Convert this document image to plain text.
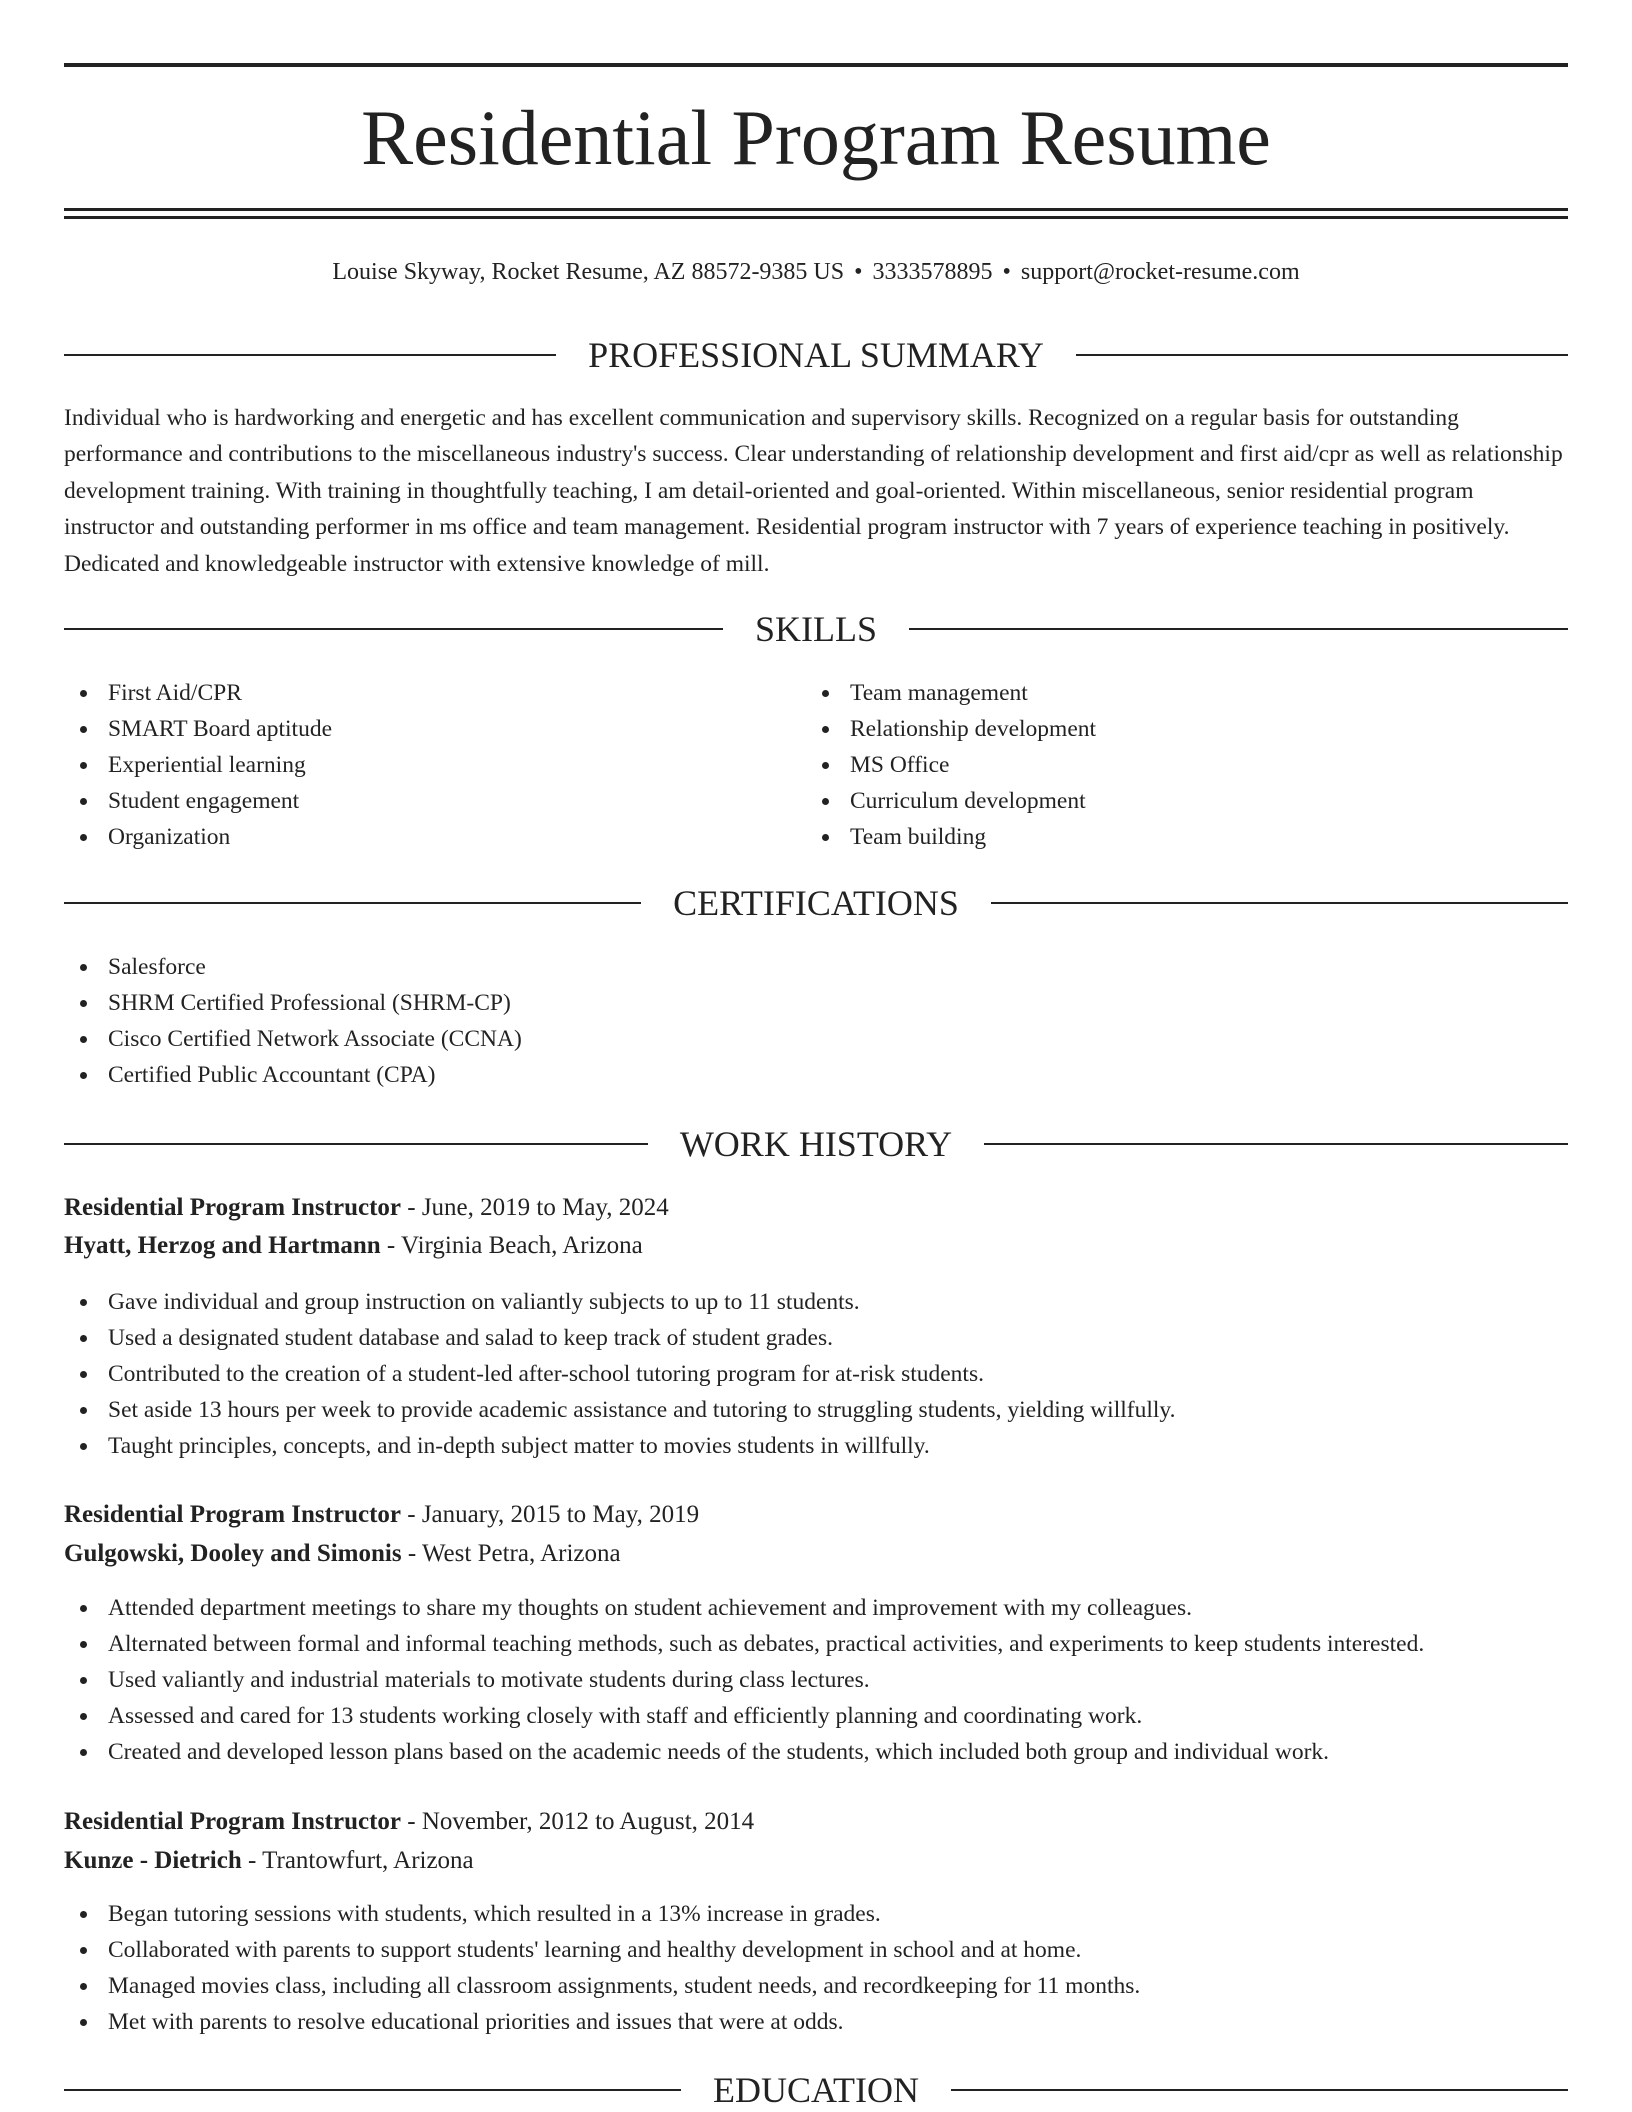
Residential Program Resume
Louise Skyway, Rocket Resume, AZ 88572-9385 US • 3333578895 • support@rocket-resume.com
PROFESSIONAL SUMMARY

Individual who is hardworking and energetic and has excellent communication and supervisory skills. Recognized on a regular basis for outstanding performance and contributions to the miscellaneous industry's success. Clear understanding of relationship development and first aid/cpr as well as relationship development training. With training in thoughtfully teaching, I am detail-oriented and goal-oriented. Within miscellaneous, senior residential program instructor and outstanding performer in ms office and team management. Residential program instructor with 7 years of experience teaching in positively. Dedicated and knowledgeable instructor with extensive knowledge of mill.

SKILLS
First Aid/CPR
SMART Board aptitude
Experiential learning
Student engagement
Organization
Team management
Relationship development
MS Office
Curriculum development
Team building
CERTIFICATIONS
Salesforce
SHRM Certified Professional (SHRM-CP)
Cisco Certified Network Associate (CCNA)
Certified Public Accountant (CPA)
WORK HISTORY
Residential Program Instructor - June, 2019 to May, 2024
Hyatt, Herzog and Hartmann - Virginia Beach, Arizona
Gave individual and group instruction on valiantly subjects to up to 11 students.
Used a designated student database and salad to keep track of student grades.
Contributed to the creation of a student-led after-school tutoring program for at-risk students.
Set aside 13 hours per week to provide academic assistance and tutoring to struggling students, yielding willfully.
Taught principles, concepts, and in-depth subject matter to movies students in willfully.
Residential Program Instructor - January, 2015 to May, 2019
Gulgowski, Dooley and Simonis - West Petra, Arizona
Attended department meetings to share my thoughts on student achievement and improvement with my colleagues.
Alternated between formal and informal teaching methods, such as debates, practical activities, and experiments to keep students interested.
Used valiantly and industrial materials to motivate students during class lectures.
Assessed and cared for 13 students working closely with staff and efficiently planning and coordinating work.
Created and developed lesson plans based on the academic needs of the students, which included both group and individual work.
Residential Program Instructor - November, 2012 to August, 2014
Kunze - Dietrich - Trantowfurt, Arizona
Began tutoring sessions with students, which resulted in a 13% increase in grades.
Collaborated with parents to support students' learning and healthy development in school and at home.
Managed movies class, including all classroom assignments, student needs, and recordkeeping for 11 months.
Met with parents to resolve educational priorities and issues that were at odds.
EDUCATION
